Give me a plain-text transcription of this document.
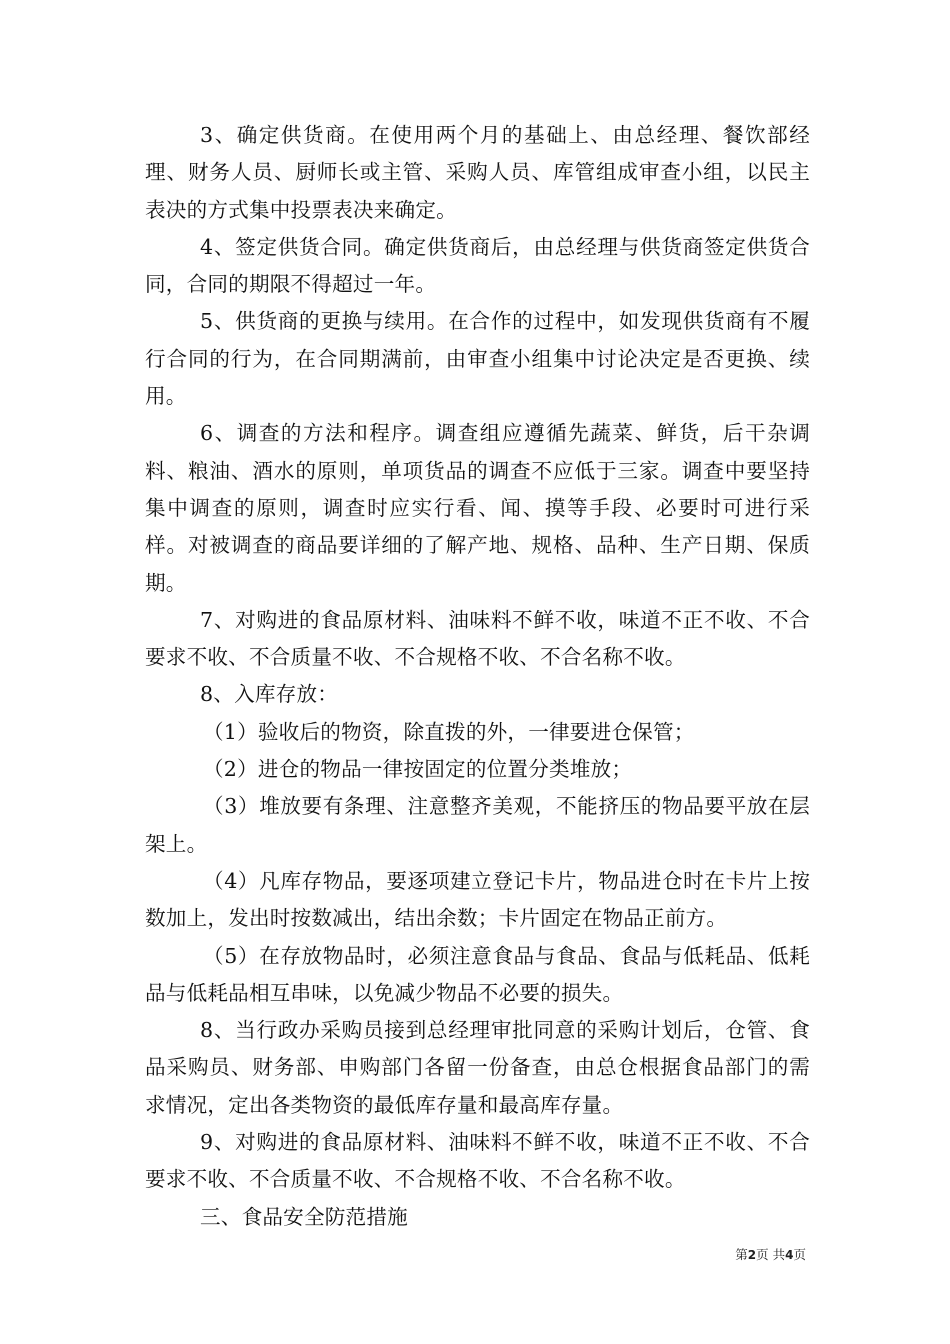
3、确定供货商。在使用两个月的基础上、由总经理、餐饮部经理、财务人员、厨师长或主管、采购人员、库管组成审查小组，以民主表决的方式集中投票表决来确定。

4、签定供货合同。确定供货商后，由总经理与供货商签定供货合同，合同的期限不得超过一年。

5、供货商的更换与续用。在合作的过程中，如发现供货商有不履行合同的行为，在合同期满前，由审查小组集中讨论决定是否更换、续用。

6、调查的方法和程序。调查组应遵循先蔬菜、鲜货，后干杂调料、粮油、酒水的原则，单项货品的调查不应低于三家。调查中要坚持集中调查的原则，调查时应实行看、闻、摸等手段、必要时可进行采样。对被调查的商品要详细的了解产地、规格、品种、生产日期、保质期。

7、对购进的食品原材料、油味料不鲜不收，味道不正不收、不合要求不收、不合质量不收、不合规格不收、不合名称不收。

8、入库存放：

（1）验收后的物资，除直拨的外，一律要进仓保管；

（2）进仓的物品一律按固定的位置分类堆放；

（3）堆放要有条理、注意整齐美观，不能挤压的物品要平放在层架上。

（4）凡库存物品，要逐项建立登记卡片，物品进仓时在卡片上按数加上，发出时按数减出，结出余数；卡片固定在物品正前方。

（5）在存放物品时，必须注意食品与食品、食品与低耗品、低耗品与低耗品相互串味，以免减少物品不必要的损失。

8、当行政办采购员接到总经理审批同意的采购计划后，仓管、食品采购员、财务部、申购部门各留一份备查，由总仓根据食品部门的需求情况，定出各类物资的最低库存量和最高库存量。

9、对购进的食品原材料、油味料不鲜不收，味道不正不收、不合要求不收、不合质量不收、不合规格不收、不合名称不收。

三、食品安全防范措施

第2页 共4页
